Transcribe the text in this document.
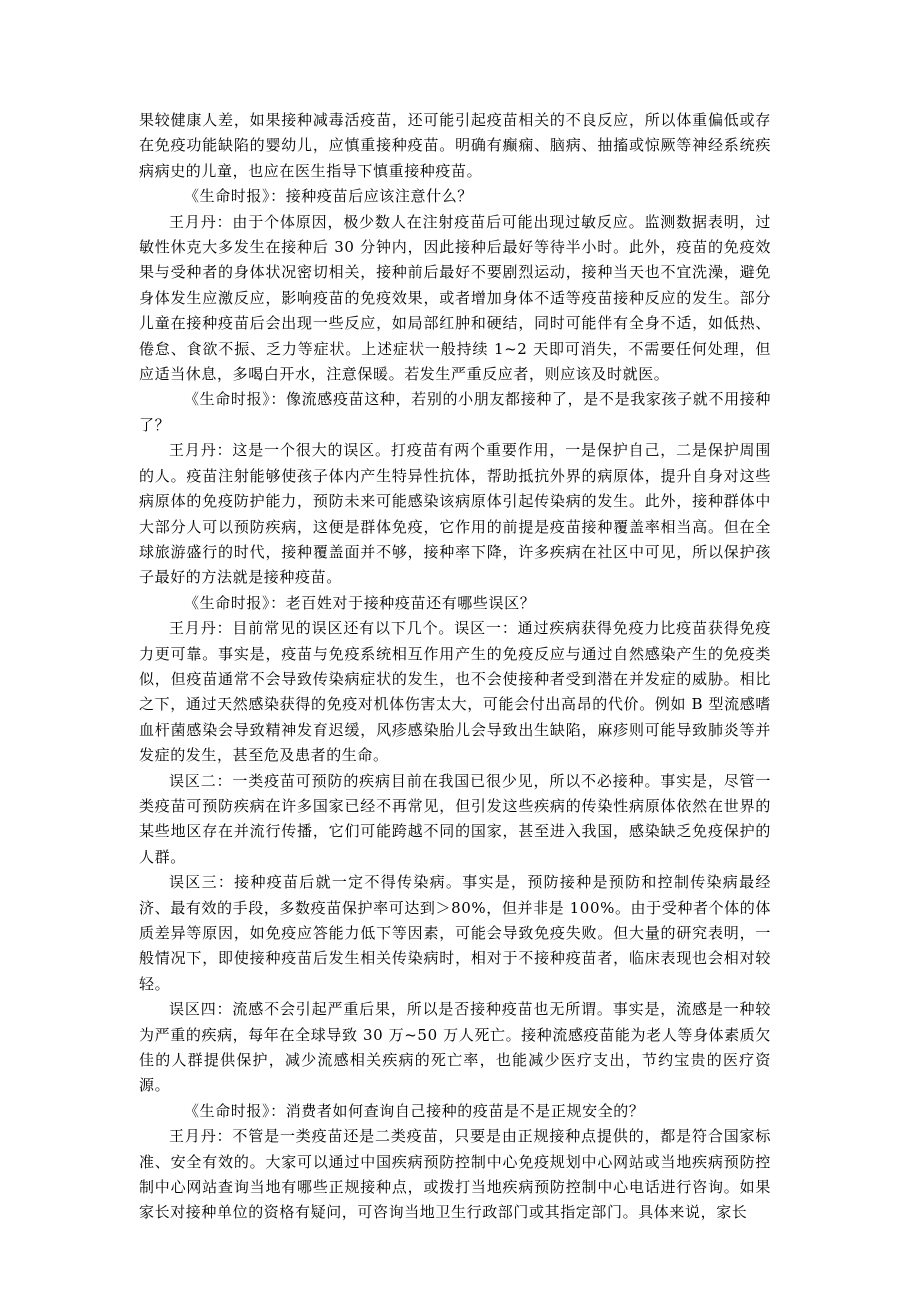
果较健康人差，如果接种减毒活疫苗，还可能引起疫苗相关的不良反应，所以体重偏低或存在免疫功能缺陷的婴幼儿，应慎重接种疫苗。明确有癫痫、脑病、抽搐或惊厥等神经系统疾病病史的儿童，也应在医生指导下慎重接种疫苗。

《生命时报》：接种疫苗后应该注意什么？

王月丹：由于个体原因，极少数人在注射疫苗后可能出现过敏反应。监测数据表明，过敏性休克大多发生在接种后 30 分钟内，因此接种后最好等待半小时。此外，疫苗的免疫效果与受种者的身体状况密切相关，接种前后最好不要剧烈运动，接种当天也不宜洗澡，避免身体发生应激反应，影响疫苗的免疫效果，或者增加身体不适等疫苗接种反应的发生。部分儿童在接种疫苗后会出现一些反应，如局部红肿和硬结，同时可能伴有全身不适，如低热、倦怠、食欲不振、乏力等症状。上述症状一般持续 1~2 天即可消失，不需要任何处理，但应适当休息，多喝白开水，注意保暖。若发生严重反应者，则应该及时就医。

《生命时报》：像流感疫苗这种，若别的小朋友都接种了，是不是我家孩子就不用接种了？

王月丹：这是一个很大的误区。打疫苗有两个重要作用，一是保护自己，二是保护周围的人。疫苗注射能够使孩子体内产生特异性抗体，帮助抵抗外界的病原体，提升自身对这些病原体的免疫防护能力，预防未来可能感染该病原体引起传染病的发生。此外，接种群体中大部分人可以预防疾病，这便是群体免疫，它作用的前提是疫苗接种覆盖率相当高。但在全球旅游盛行的时代，接种覆盖面并不够，接种率下降，许多疾病在社区中可见，所以保护孩子最好的方法就是接种疫苗。

《生命时报》：老百姓对于接种疫苗还有哪些误区？

王月丹：目前常见的误区还有以下几个。误区一：通过疾病获得免疫力比疫苗获得免疫力更可靠。事实是，疫苗与免疫系统相互作用产生的免疫反应与通过自然感染产生的免疫类似，但疫苗通常不会导致传染病症状的发生，也不会使接种者受到潜在并发症的威胁。相比之下，通过天然感染获得的免疫对机体伤害太大，可能会付出高昂的代价。例如 B 型流感嗜血杆菌感染会导致精神发育迟缓，风疹感染胎儿会导致出生缺陷，麻疹则可能导致肺炎等并发症的发生，甚至危及患者的生命。

误区二：一类疫苗可预防的疾病目前在我国已很少见，所以不必接种。事实是，尽管一类疫苗可预防疾病在许多国家已经不再常见，但引发这些疾病的传染性病原体依然在世界的某些地区存在并流行传播，它们可能跨越不同的国家，甚至进入我国，感染缺乏免疫保护的人群。

误区三：接种疫苗后就一定不得传染病。事实是，预防接种是预防和控制传染病最经济、最有效的手段，多数疫苗保护率可达到＞80%，但并非是 100%。由于受种者个体的体质差异等原因，如免疫应答能力低下等因素，可能会导致免疫失败。但大量的研究表明，一般情况下，即使接种疫苗后发生相关传染病时，相对于不接种疫苗者，临床表现也会相对较轻。

误区四：流感不会引起严重后果，所以是否接种疫苗也无所谓。事实是，流感是一种较为严重的疾病，每年在全球导致 30 万~50 万人死亡。接种流感疫苗能为老人等身体素质欠佳的人群提供保护，减少流感相关疾病的死亡率，也能减少医疗支出，节约宝贵的医疗资源。

《生命时报》：消费者如何查询自己接种的疫苗是不是正规安全的？

王月丹：不管是一类疫苗还是二类疫苗，只要是由正规接种点提供的，都是符合国家标准、安全有效的。大家可以通过中国疾病预防控制中心免疫规划中心网站或当地疾病预防控制中心网站查询当地有哪些正规接种点，或拨打当地疾病预防控制中心电话进行咨询。如果家长对接种单位的资格有疑问，可咨询当地卫生行政部门或其指定部门。具体来说，家长
